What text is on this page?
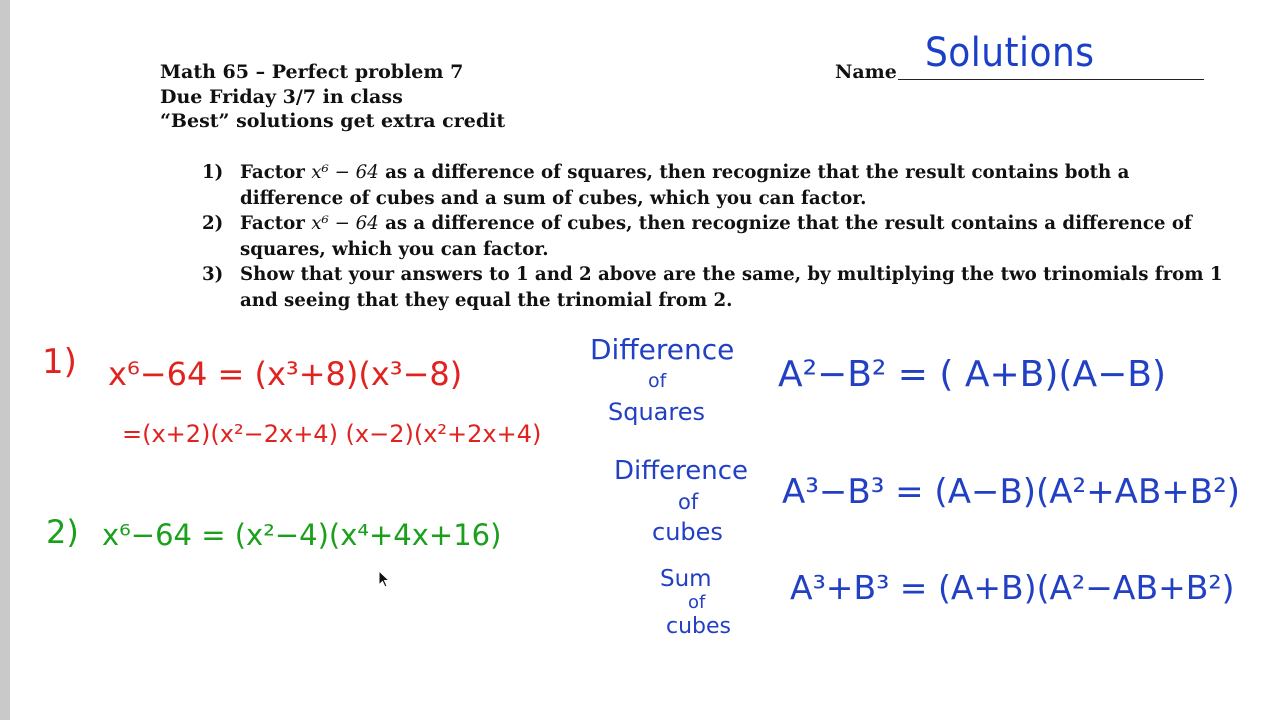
Math 65 – Perfect problem 7
Due Friday 3/7 in class
“Best” solutions get extra credit
Name Solutions
1) Factor x⁶ − 64 as a difference of squares, then recognize that the result contains both a difference of cubes and a sum of cubes, which you can factor.
2) Factor x⁶ − 64 as a difference of cubes, then recognize that the result contains a difference of squares, which you can factor.
3) Show that your answers to 1 and 2 above are the same, by multiplying the two trinomials from 1 and seeing that they equal the trinomial from 2.
1) x⁶−64 = (x³+8)(x³−8)
=(x+2)(x²−2x+4) (x−2)(x²+2x+4)
2) x⁶−64 = (x²−4)(x⁴+4x+16)
Difference
of
Squares
A²−B² = ( A+B)(A−B)
Difference
of
cubes
A³−B³ = (A−B)(A²+AB+B²)
Sum
of
cubes
A³+B³ = (A+B)(A²−AB+B²)
